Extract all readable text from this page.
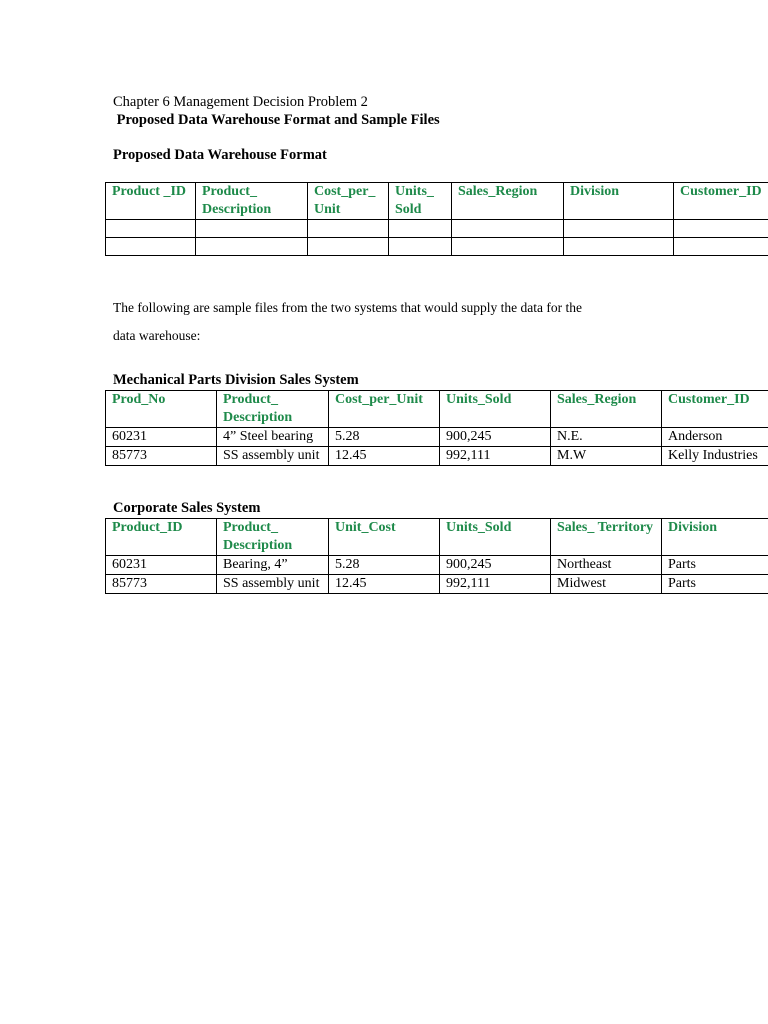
Chapter 6 Management Decision Problem 2
Proposed Data Warehouse Format and Sample Files
Proposed Data Warehouse Format
Product _ID	Product_ Description	Cost_per_ Unit	Units_ Sold	Sales_Region	Division	Customer_ID

The following are sample files from the two systems that would supply the data for the
data warehouse:
Mechanical Parts Division Sales System
Prod_No	Product_ Description	Cost_per_Unit	Units_Sold	Sales_Region	Customer_ID
60231	4” Steel bearing	5.28	900,245	N.E.	Anderson
85773	SS assembly unit	12.45	992,111	M.W	Kelly Industries
Corporate Sales System
Product_ID	Product_ Description	Unit_Cost	Units_Sold	Sales_ Territory	Division
60231	Bearing, 4”	5.28	900,245	Northeast	Parts
85773	SS assembly unit	12.45	992,111	Midwest	Parts
